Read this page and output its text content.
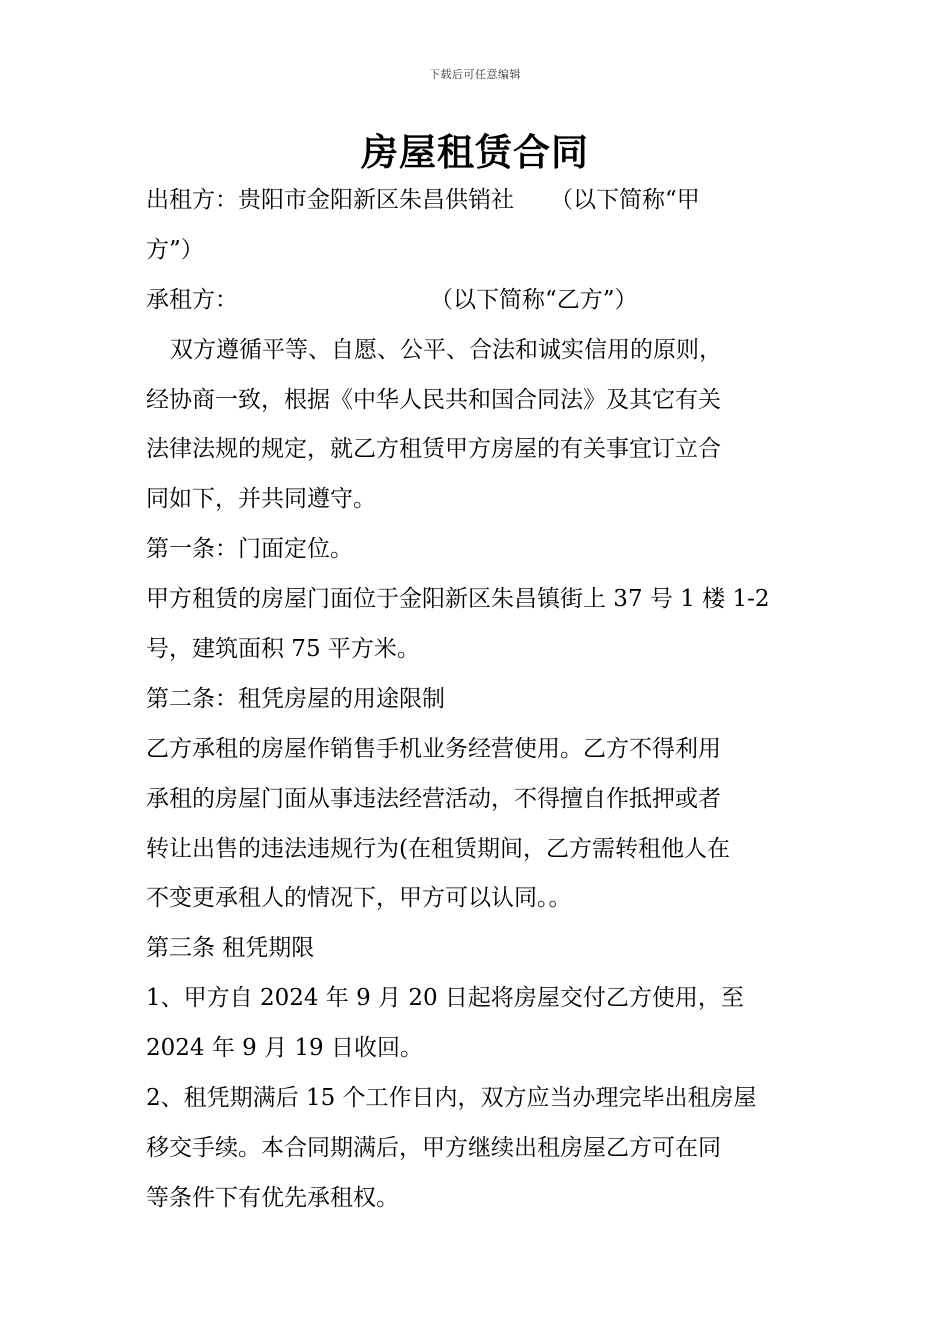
下载后可任意编辑
房屋租赁合同
出租方：贵阳市金阳新区朱昌供销社 （以下简称“甲
方”）
承租方：	（以下简称“乙方”）
双方遵循平等、自愿、公平、合法和诚实信用的原则，
经协商一致，根据《中华人民共和国合同法》及其它有关
法律法规的规定，就乙方租赁甲方房屋的有关事宜订立合
同如下，并共同遵守。
第一条：门面定位。
甲方租赁的房屋门面位于金阳新区朱昌镇街上 37 号 1 楼 1-2
号，建筑面积 75 平方米。
第二条：租凭房屋的用途限制
乙方承租的房屋作销售手机业务经营使用。乙方不得利用
承租的房屋门面从事违法经营活动，不得擅自作抵押或者
转让出售的违法违规行为(在租赁期间，乙方需转租他人在
不变更承租人的情况下，甲方可以认同。。
第三条 租凭期限
1、甲方自 2024 年 9 月 20 日起将房屋交付乙方使用，至
2024 年 9 月 19 日收回。
2、租凭期满后 15 个工作日内，双方应当办理完毕出租房屋
移交手续。本合同期满后，甲方继续出租房屋乙方可在同
等条件下有优先承租权。
